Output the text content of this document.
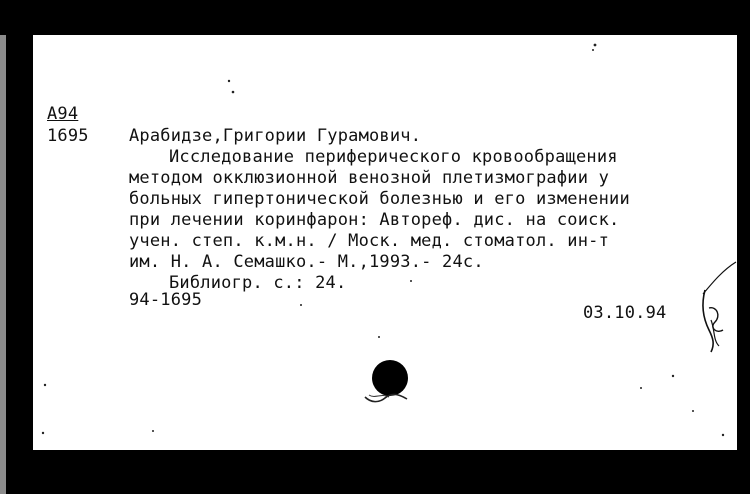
A94
1695 Арабидзе,Григории Гурамович.
Исследование периферического кровообращения
методом окклюзионной венозной плетизмографии у
больных гипертонической болезнью и его изменении
при лечении коринфарон: Автореф. дис. на соиск.
учен. степ. к.м.н. / Моск. мед. стоматол. ин-т
им. Н. А. Семашко.- М.,1993.- 24с.
Библиогр. с.: 24.
94-1695
03.10.94
